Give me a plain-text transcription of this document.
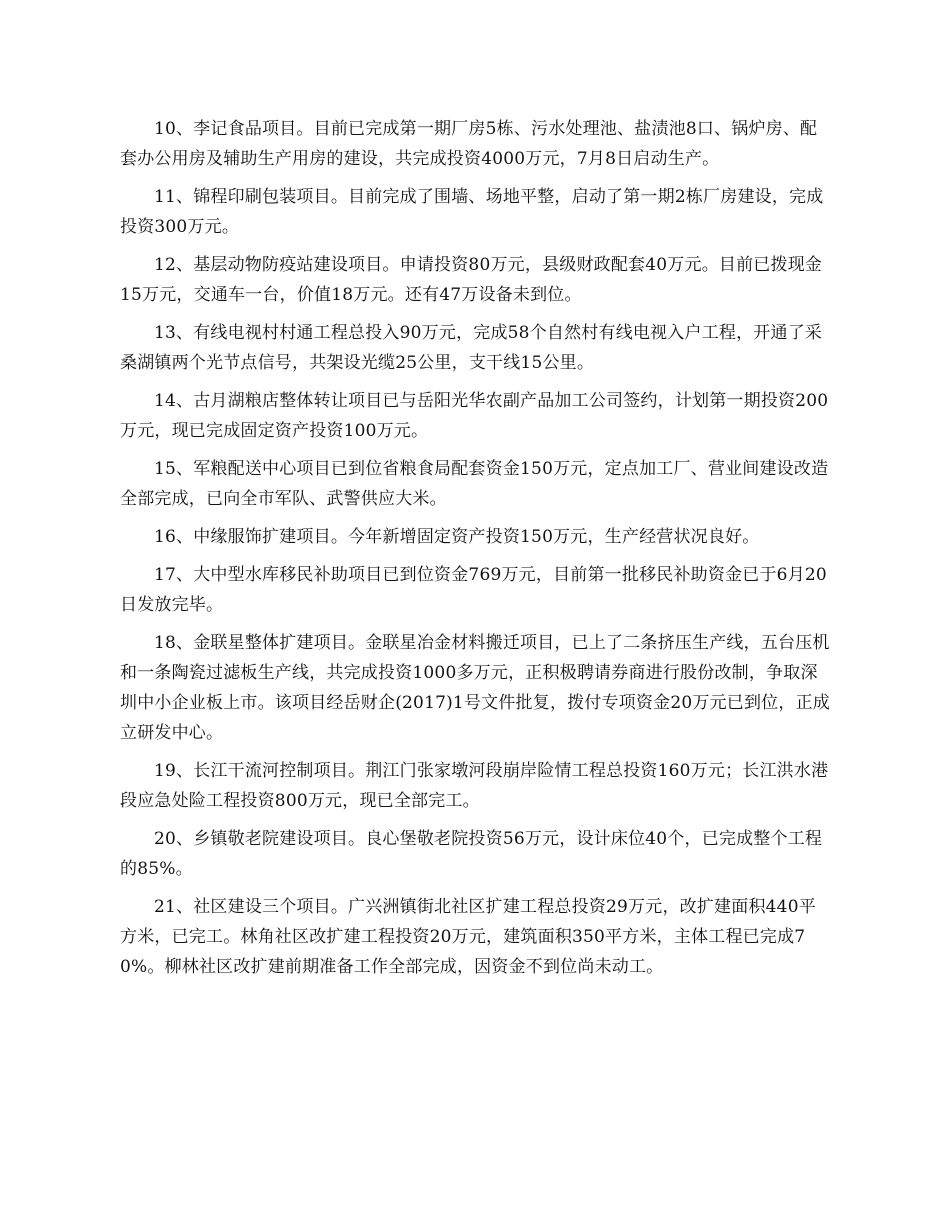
10、李记食品项目。目前已完成第一期厂房5栋、污水处理池、盐渍池8口、锅炉房、配套办公用房及辅助生产用房的建设，共完成投资4000万元，7月8日启动生产。

11、锦程印刷包装项目。目前完成了围墙、场地平整，启动了第一期2栋厂房建设，完成投资300万元。

12、基层动物防疫站建设项目。申请投资80万元，县级财政配套40万元。目前已拨现金15万元，交通车一台，价值18万元。还有47万设备未到位。

13、有线电视村村通工程总投入90万元，完成58个自然村有线电视入户工程，开通了采桑湖镇两个光节点信号，共架设光缆25公里，支干线15公里。

14、古月湖粮店整体转让项目已与岳阳光华农副产品加工公司签约，计划第一期投资200万元，现已完成固定资产投资100万元。

15、军粮配送中心项目已到位省粮食局配套资金150万元，定点加工厂、营业间建设改造全部完成，已向全市军队、武警供应大米。

16、中缘服饰扩建项目。今年新增固定资产投资150万元，生产经营状况良好。

17、大中型水库移民补助项目已到位资金769万元，目前第一批移民补助资金已于6月20日发放完毕。

18、金联星整体扩建项目。金联星冶金材料搬迁项目，已上了二条挤压生产线，五台压机和一条陶瓷过滤板生产线，共完成投资1000多万元，正积极聘请券商进行股份改制，争取深圳中小企业板上市。该项目经岳财企(2017)1号文件批复，拨付专项资金20万元已到位，正成立研发中心。

19、长江干流河控制项目。荆江门张家墩河段崩岸险情工程总投资160万元；长江洪水港段应急处险工程投资800万元，现已全部完工。

20、乡镇敬老院建设项目。良心堡敬老院投资56万元，设计床位40个，已完成整个工程的85%。

21、社区建设三个项目。广兴洲镇街北社区扩建工程总投资29万元，改扩建面积440平方米，已完工。林角社区改扩建工程投资20万元，建筑面积350平方米，主体工程已完成70%。柳林社区改扩建前期准备工作全部完成，因资金不到位尚未动工。
